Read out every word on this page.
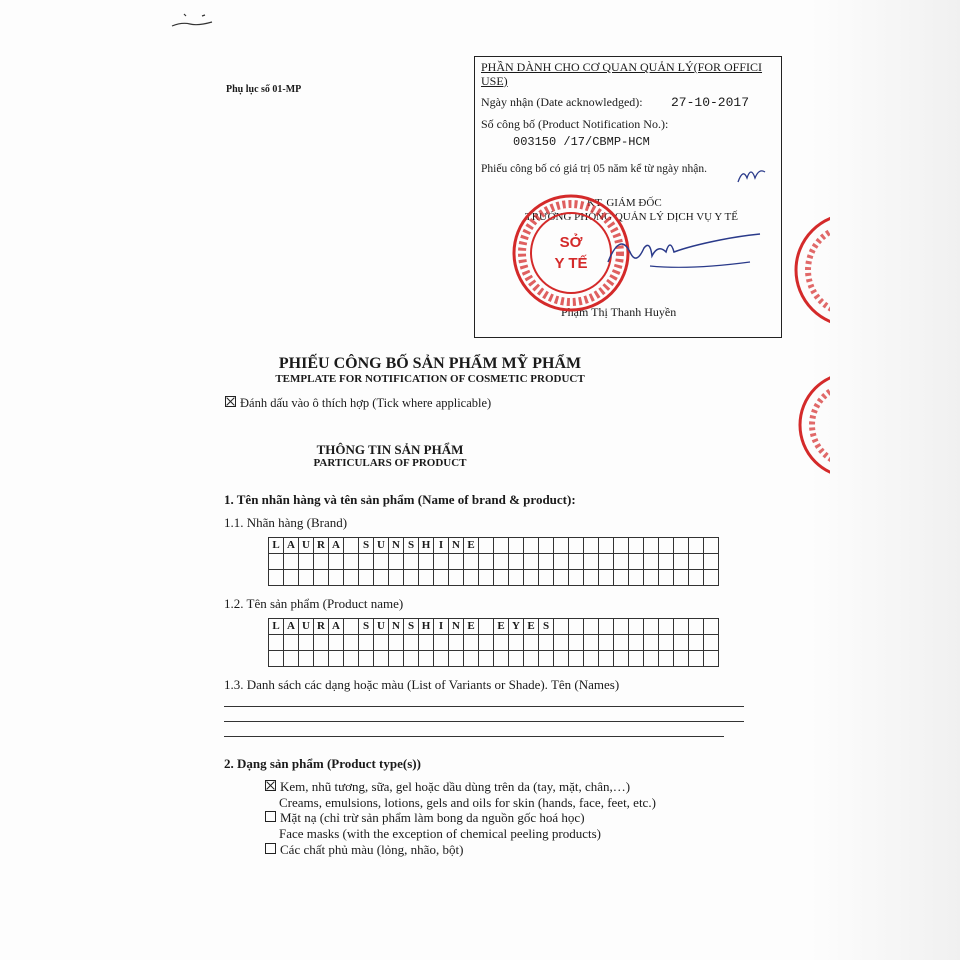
Phụ lục số 01-MP
PHẦN DÀNH CHO CƠ QUAN QUẢN LÝ(FOR OFFICI
USE)
Ngày nhận (Date acknowledged): 27-10-2017
Số công bố (Product Notification No.):
003150 /17/CBMP-HCM
Phiếu công bố có giá trị 05 năm kể từ ngày nhận.
KT. GIÁM ĐỐC
TRƯỞNG PHÒNG QUẢN LÝ DỊCH VỤ Y TẾ
Phạm Thị Thanh Huyền
SỞ
Y TẾ
PHIẾU CÔNG BỐ SẢN PHẨM MỸ PHẨM
TEMPLATE FOR NOTIFICATION OF COSMETIC PRODUCT
Đánh dấu vào ô thích hợp (Tick where applicable)
THÔNG TIN SẢN PHẨM
PARTICULARS OF PRODUCT
1. Tên nhãn hàng và tên sản phẩm (Name of brand & product):
1.1. Nhãn hàng (Brand)
L	A	U	R	A		S	U	N	S	H	I	N	E																

1.2. Tên sản phẩm (Product name)
L	A	U	R	A		S	U	N	S	H	I	N	E		E	Y	E	S											

1.3. Danh sách các dạng hoặc màu (List of Variants or Shade). Tên (Names)
2. Dạng sản phẩm (Product type(s))
Kem, nhũ tương, sữa, gel hoặc dầu dùng trên da (tay, mặt, chân,…)
Creams, emulsions, lotions, gels and oils for skin (hands, face, feet, etc.)
Mặt nạ (chỉ trừ sản phẩm làm bong da nguồn gốc hoá học)
Face masks (with the exception of chemical peeling products)
Các chất phủ màu (lỏng, nhão, bột)
